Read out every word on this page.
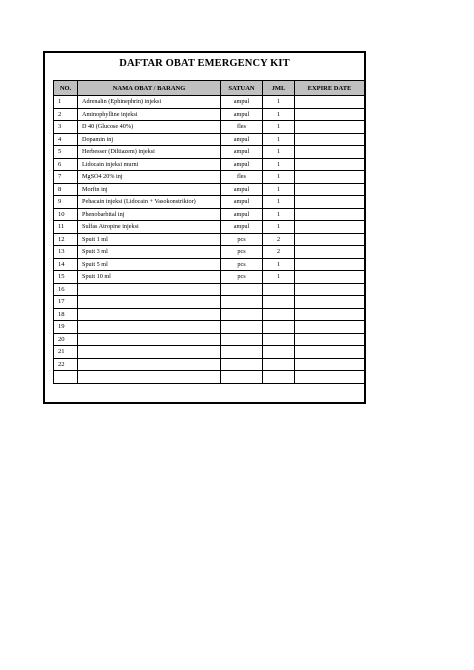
DAFTAR OBAT EMERGENCY KIT
NO.	NAMA OBAT / BARANG	SATUAN	JML	EXPIRE DATE
1	Adrenalin (Ephinephrin) injeksi	ampul	1	
2	Aminophylline injeksi	ampul	1	
3	D 40 (Glucose 40%)	fles	1	
4	Dopamin inj	ampul	1	
5	Herbesser (Diltiazem) injeksi	ampul	1	
6	Lidocain injeksi murni	ampul	1	
7	MgSO4 20% inj	fles	1	
8	Morfin inj	ampul	1	
9	Pehacain injeksi (Lidocain + Vasokonstriktor)	ampul	1	
10	Phenobarbital inj	ampul	1	
11	Sulfas Atropine injeksi	ampul	1	
12	Spuit 1 ml	pcs	2	
13	Spuit 3 ml	pcs	2	
14	Spuit 5 ml	pcs	1	
15	Spuit 10 ml	pcs	1	
16				
17				
18				
19				
20				
21				
22				
